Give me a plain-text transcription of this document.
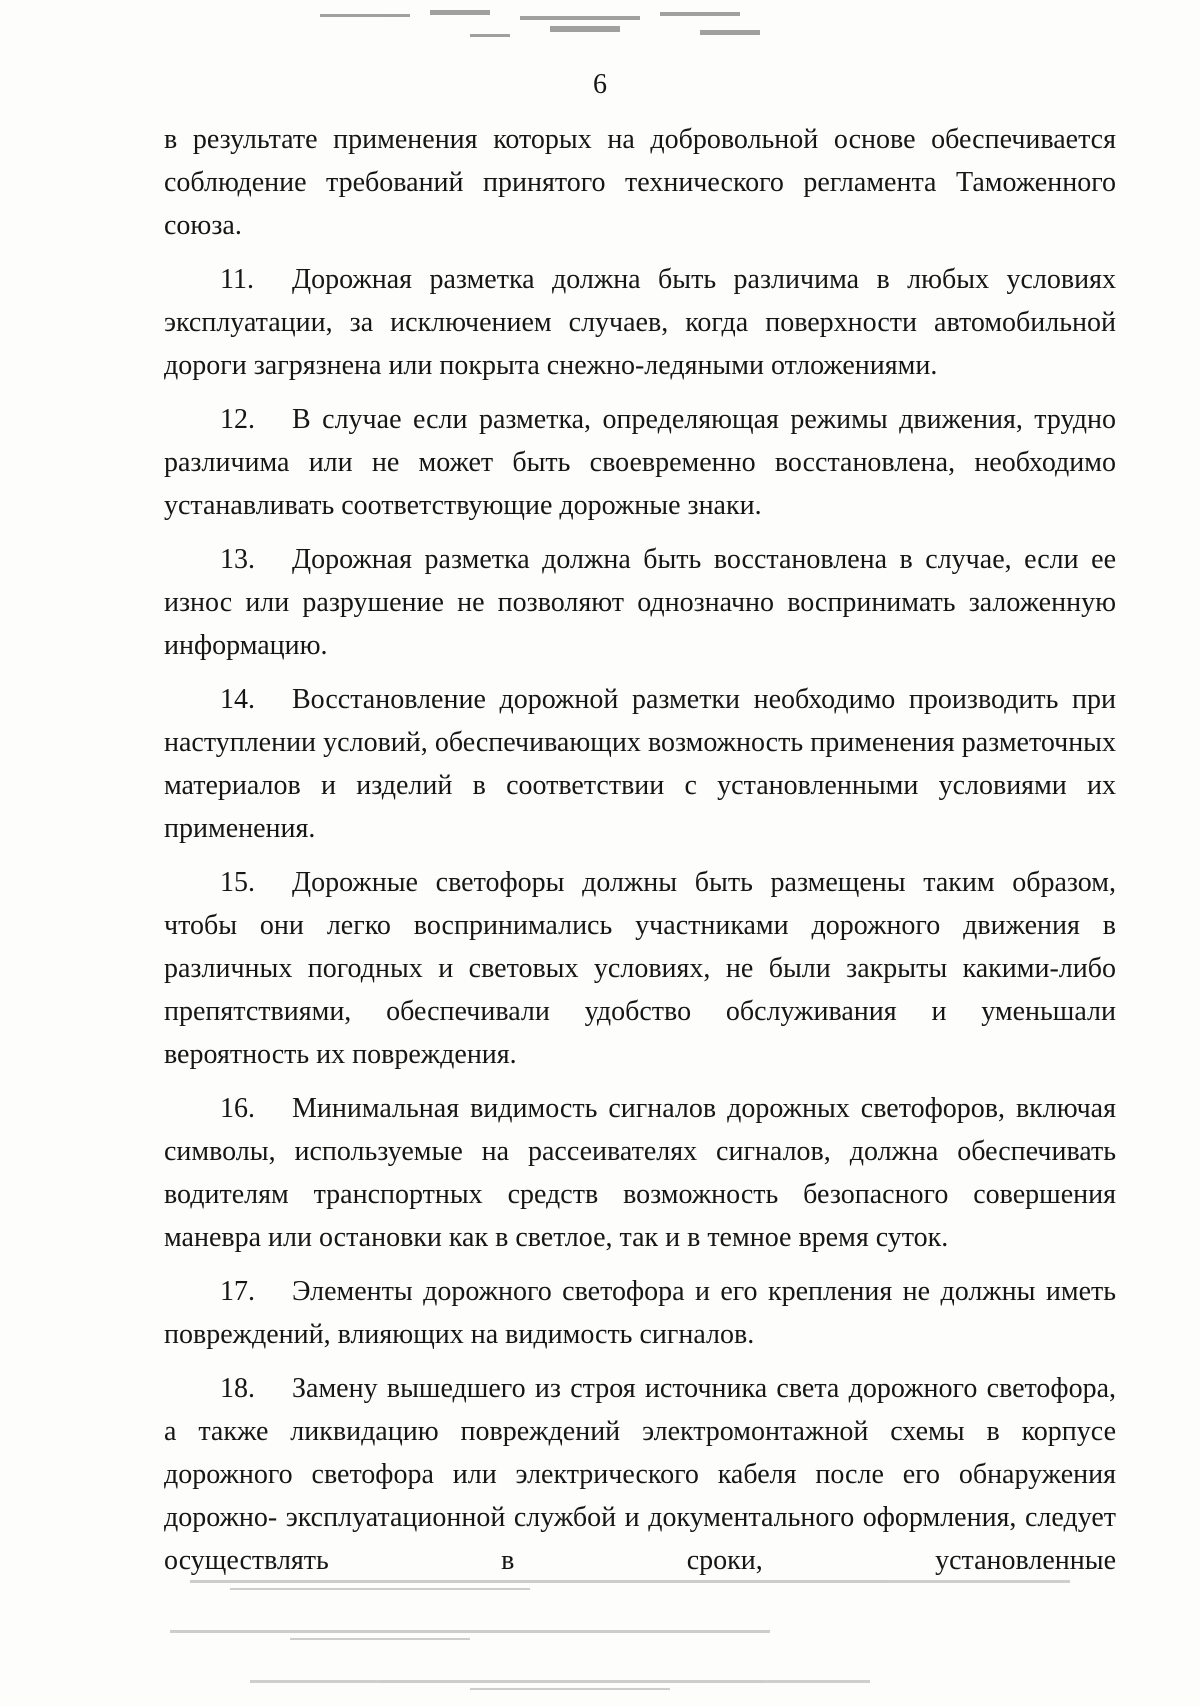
6

в результате применения которых на добровольной основе обеспечивается соблюдение требований принятого технического регламента Таможенного союза.

11. Дорожная разметка должна быть различима в любых условиях эксплуатации, за исключением случаев, когда поверхности автомобильной дороги загрязнена или покрыта снежно-ледяными отложениями.

12. В случае если разметка, определяющая режимы движения, трудно различима или не может быть своевременно восстановлена, необходимо устанавливать соответствующие дорожные знаки.

13. Дорожная разметка должна быть восстановлена в случае, если ее износ или разрушение не позволяют однозначно воспринимать заложенную информацию.

14. Восстановление дорожной разметки необходимо производить при наступлении условий, обеспечивающих возможность применения разметочных материалов и изделий в соответствии с установленными условиями их применения.

15. Дорожные светофоры должны быть размещены таким образом, чтобы они легко воспринимались участниками дорожного движения в различных погодных и световых условиях, не были закрыты какими-либо препятствиями, обеспечивали удобство обслуживания и уменьшали вероятность их повреждения.

16. Минимальная видимость сигналов дорожных светофоров, включая символы, используемые на рассеивателях сигналов, должна обеспечивать водителям транспортных средств возможность безопасного совершения маневра или остановки как в светлое, так и в темное время суток.

17. Элементы дорожного светофора и его крепления не должны иметь повреждений, влияющих на видимость сигналов.

18. Замену вышедшего из строя источника света дорожного светофора, а также ликвидацию повреждений электромонтажной схемы в корпусе дорожного светофора или электрического кабеля после его обнаружения дорожно- эксплуатационной службой и документального оформления, следует осуществлять в сроки, установленные
